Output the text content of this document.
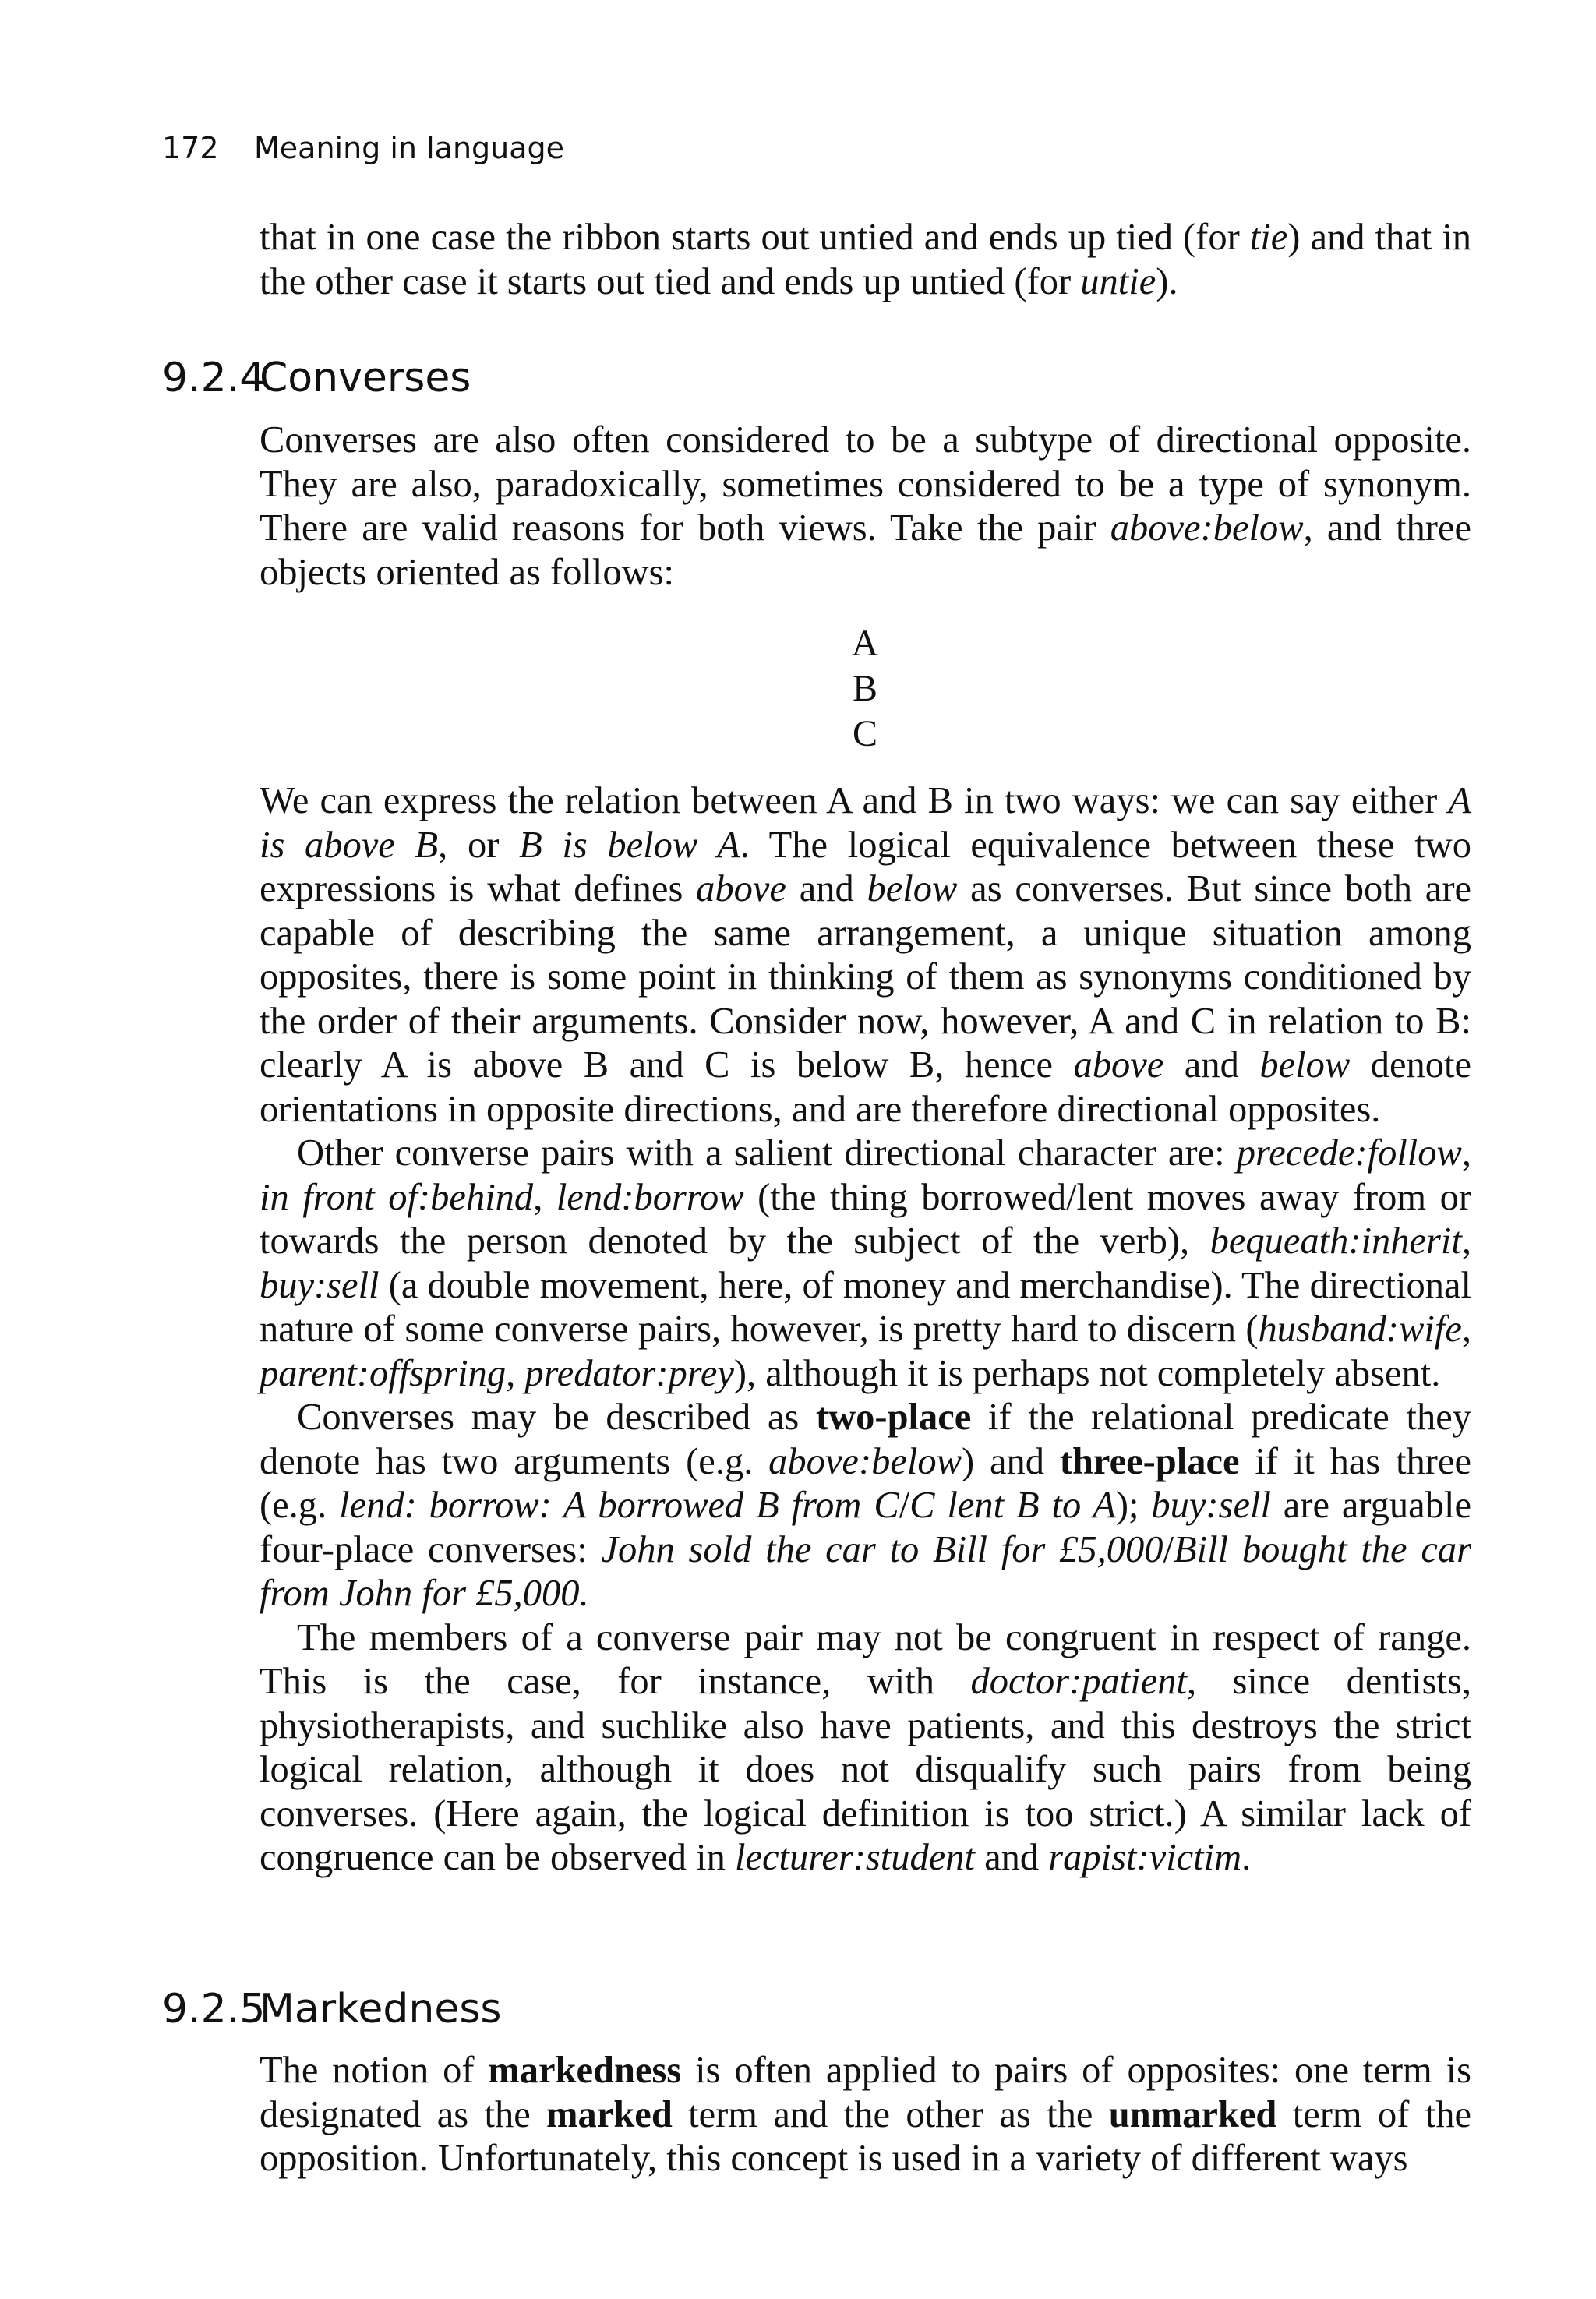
172 Meaning in language

that in one case the ribbon starts out untied and ends up tied (for tie) and that in the other case it starts out tied and ends up untied (for untie).

9.2.4Converses

Converses are also often considered to be a subtype of directional opposite. They are also, paradoxically, sometimes considered to be a type of synonym. There are valid reasons for both views. Take the pair above:below, and three objects oriented as follows:

A
B
C

We can express the relation between A and B in two ways: we can say either A is above B, or B is below A. The logical equivalence between these two expressions is what defines above and below as converses. But since both are capable of describing the same arrangement, a unique situation among opposites, there is some point in thinking of them as synonyms conditioned by the order of their arguments. Consider now, however, A and C in relation to B: clearly A is above B and C is below B, hence above and below denote orientations in opposite directions, and are therefore directional opposites.

Other converse pairs with a salient directional character are: precede:follow, in front of:behind, lend:borrow (the thing borrowed/lent moves away from or towards the person denoted by the subject of the verb), bequeath:inherit, buy:sell (a double movement, here, of money and merchandise). The directional nature of some converse pairs, however, is pretty hard to discern (husband:wife, parent:offspring, predator:prey), although it is perhaps not completely absent.

Converses may be described as two-place if the relational predicate they denote has two arguments (e.g. above:below) and three-place if it has three (e.g. lend: borrow: A borrowed B from C/C lent B to A); buy:sell are arguable four-place converses: John sold the car to Bill for £5,000/Bill bought the car from John for £5,000.

The members of a converse pair may not be congruent in respect of range. This is the case, for instance, with doctor:patient, since dentists, physiotherapists, and suchlike also have patients, and this destroys the strict logical relation, although it does not disqualify such pairs from being converses. (Here again, the logical definition is too strict.) A similar lack of congruence can be observed in lecturer:student and rapist:victim.

9.2.5Markedness

The notion of markedness is often applied to pairs of opposites: one term is designated as the marked term and the other as the unmarked term of the opposition. Unfortunately, this concept is used in a variety of different ways
